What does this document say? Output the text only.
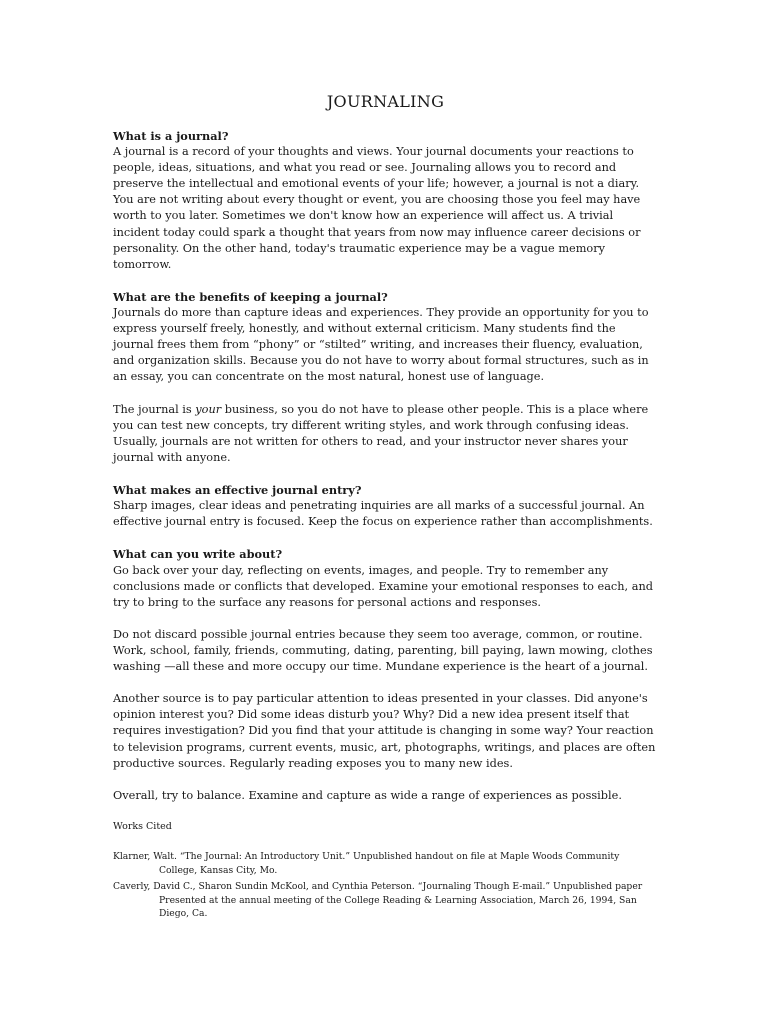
JOURNALING
What is a journal?

A journal is a record of your thoughts and views. Your journal documents your reactions to people, ideas, situations, and what you read or see. Journaling allows you to record and preserve the intellectual and emotional events of your life; however, a journal is not a diary. You are not writing about every thought or event, you are choosing those you feel may have worth to you later. Sometimes we don't know how an experience will affect us. A trivial incident today could spark a thought that years from now may influence career decisions or personality. On the other hand, today's traumatic experience may be a vague memory tomorrow.

What are the benefits of keeping a journal?

Journals do more than capture ideas and experiences. They provide an opportunity for you to express yourself freely, honestly, and without external criticism. Many students find the journal frees them from “phony” or “stilted” writing, and increases their fluency, evaluation, and organization skills. Because you do not have to worry about formal structures, such as in an essay, you can concentrate on the most natural, honest use of language.

The journal is your business, so you do not have to please other people. This is a place where you can test new concepts, try different writing styles, and work through confusing ideas. Usually, journals are not written for others to read, and your instructor never shares your journal with anyone.

What makes an effective journal entry?

Sharp images, clear ideas and penetrating inquiries are all marks of a successful journal. An effective journal entry is focused. Keep the focus on experience rather than accomplishments.

What can you write about?

Go back over your day, reflecting on events, images, and people. Try to remember any conclusions made or conflicts that developed. Examine your emotional responses to each, and try to bring to the surface any reasons for personal actions and responses.

Do not discard possible journal entries because they seem too average, common, or routine. Work, school, family, friends, commuting, dating, parenting, bill paying, lawn mowing, clothes washing —all these and more occupy our time. Mundane experience is the heart of a journal.

Another source is to pay particular attention to ideas presented in your classes. Did anyone's opinion interest you? Did some ideas disturb you? Why? Did a new idea present itself that requires investigation? Did you find that your attitude is changing in some way? Your reaction to television programs, current events, music, art, photographs, writings, and places are often productive sources. Regularly reading exposes you to many new ides.

Overall, try to balance. Examine and capture as wide a range of experiences as possible.

Works Cited
Klarner, Walt. “The Journal: An Introductory Unit.” Unpublished handout on file at Maple Woods Community College, Kansas City, Mo.
Caverly, David C., Sharon Sundin McKool, and Cynthia Peterson. “Journaling Though E-mail.” Unpublished paper Presented at the annual meeting of the College Reading & Learning Association, March 26, 1994, San Diego, Ca.
